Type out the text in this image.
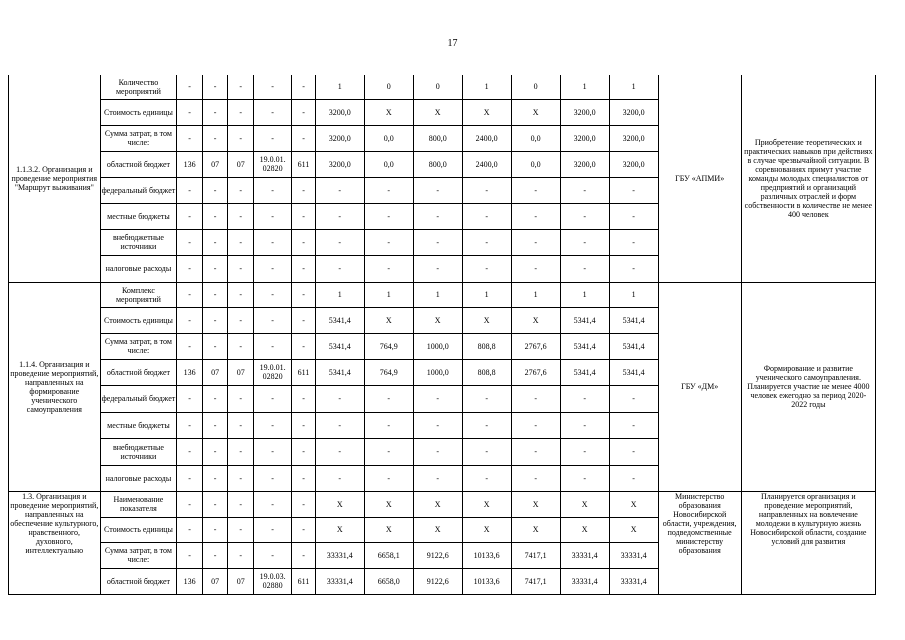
17
1.1.3.2. Организация и проведение мероприятия "Маршрут выживания"	Количество мероприятий	-	-	-	-	-	1	0	0	1	0	1	1	ГБУ «АПМИ»	Приобретение теоретических и практических навыков при действиях в случае чрезвычайной ситуации. В соревнованиях примут участие команды молодых специалистов от предприятий и организаций различных отраслей и форм собственности в количестве не менее 400 человек
	Стоимость единицы	-	-	-	-	-	3200,0	X	X	X	X	3200,0	3200,0		
	Сумма затрат, в том числе:	-	-	-	-	-	3200,0	0,0	800,0	2400,0	0,0	3200,0	3200,0		
	областной бюджет	136	07	07	19.0.01. 02820	611	3200,0	0,0	800,0	2400,0	0,0	3200,0	3200,0		
	федеральный бюджет	-	-	-	-	-	-	-	-	-	-	-	-		
	местные бюджеты	-	-	-	-	-	-	-	-	-	-	-	-		
	внебюджетные источники	-	-	-	-	-	-	-	-	-	-	-	-		
	налоговые расходы	-	-	-	-	-	-	-	-	-	-	-	-		
1.1.4. Организация и проведение мероприятий, направленных на формирование ученического самоуправления	Комплекс мероприятий	-	-	-	-	-	1	1	1	1	1	1	1	ГБУ «ДМ»	Формирование и развитие ученического самоуправления. Планируется участие не менее 4000 человек ежегодно за период 2020-2022 годы
	Стоимость единицы	-	-	-	-	-	5341,4	X	X	X	X	5341,4	5341,4		
	Сумма затрат, в том числе:	-	-	-	-	-	5341,4	764,9	1000,0	808,8	2767,6	5341,4	5341,4		
	областной бюджет	136	07	07	19.0.01. 02820	611	5341,4	764,9	1000,0	808,8	2767,6	5341,4	5341,4		
	федеральный бюджет	-	-	-	-	-	-	-	-	-	-	-	-		
	местные бюджеты	-	-	-	-	-	-	-	-	-	-	-	-		
	внебюджетные источники	-	-	-	-	-	-	-	-	-	-	-	-		
	налоговые расходы	-	-	-	-	-	-	-	-	-	-	-	-		
1.3. Организация и проведение мероприятий, направленных на обеспечение культурного, нравственного, духовного, интеллектуально	Наименование показателя	-	-	-	-	-	X	X	X	X	X	X	X	Министерство образования Новосибирской области, учреждения, подведомственные министерству образования	Планируется организация и проведение мероприятий, направленных на вовлечение молодежи в культурную жизнь Новосибирской области, создание условий для развития
	Стоимость единицы	-	-	-	-	-	X	X	X	X	X	X	X		
	Сумма затрат, в том числе:	-	-	-	-	-	33331,4	6658,1	9122,6	10133,6	7417,1	33331,4	33331,4		
	областной бюджет	136	07	07	19.0.03. 02880	611	33331,4	6658,0	9122,6	10133,6	7417,1	33331,4	33331,4		
